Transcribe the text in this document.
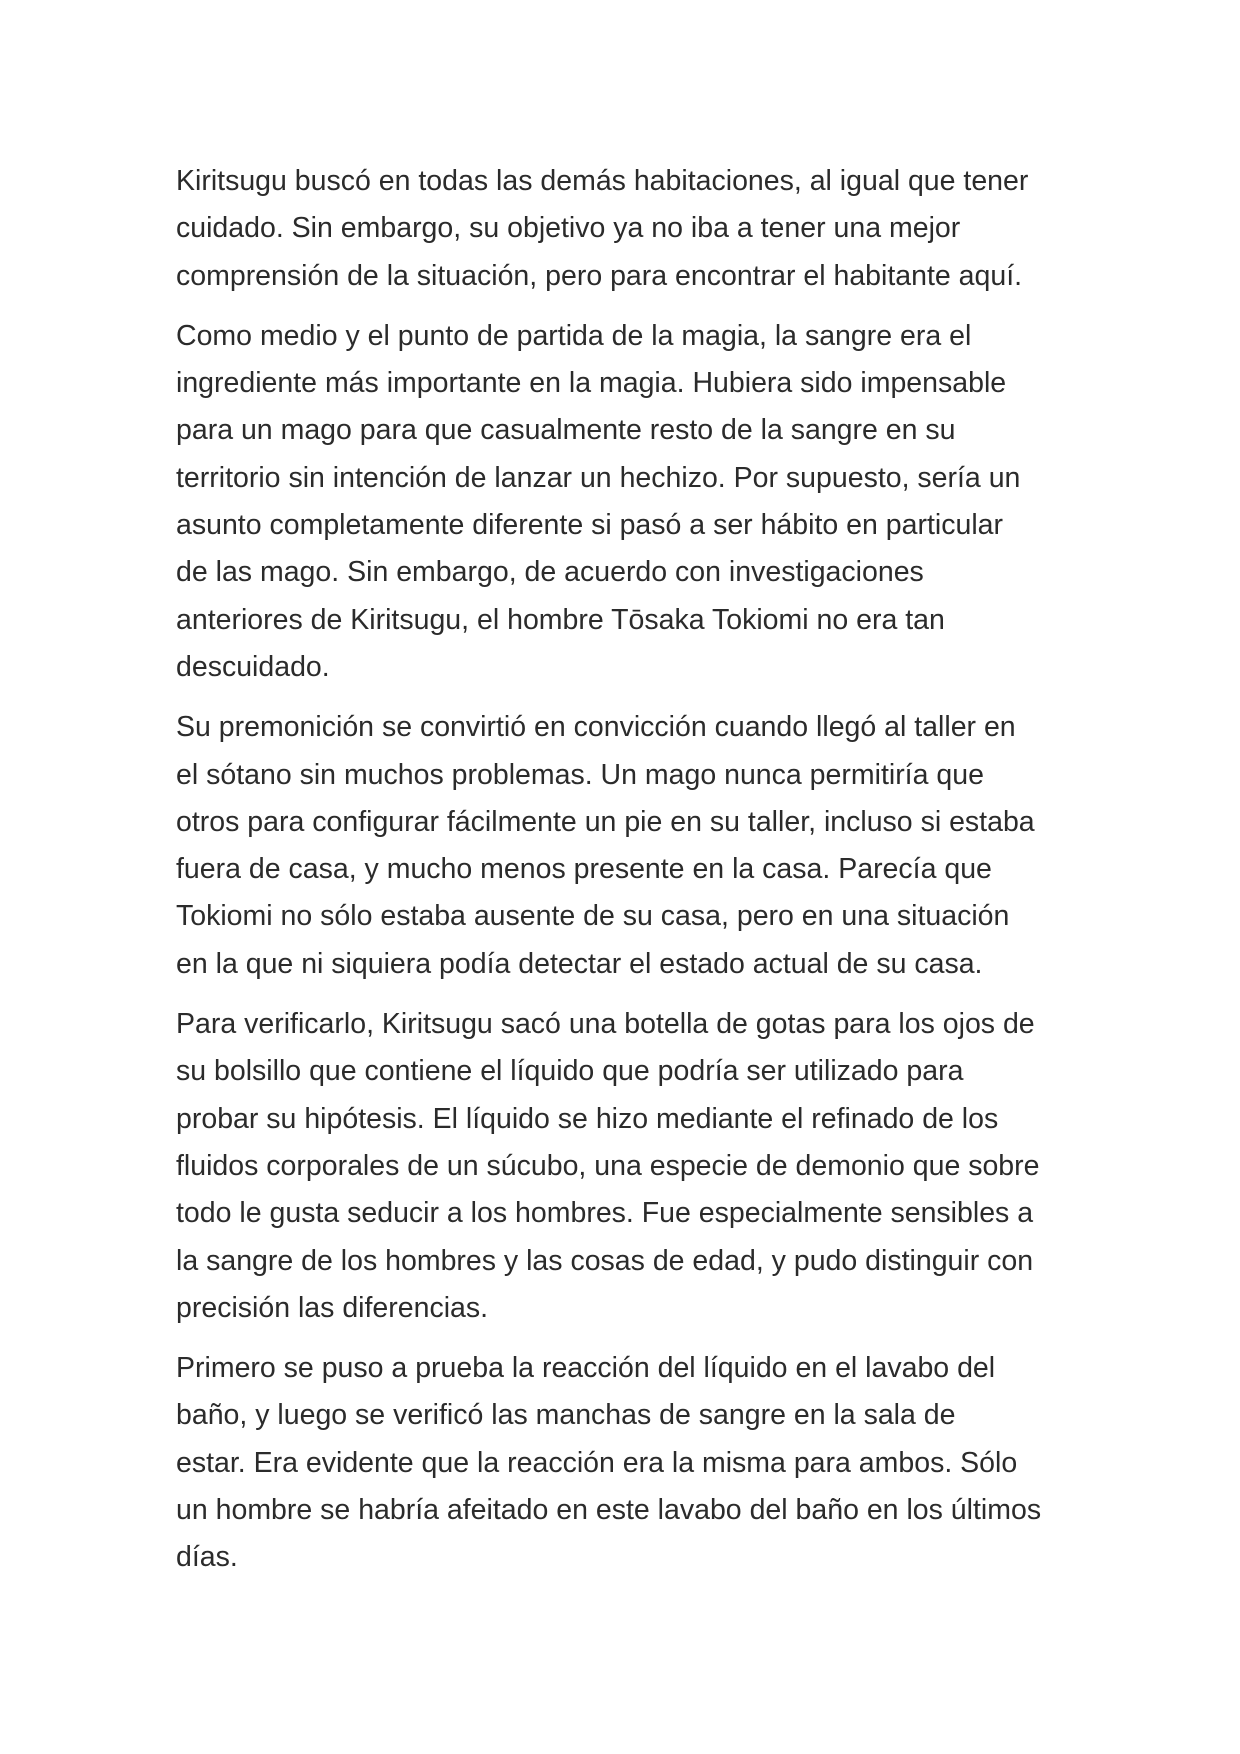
Kiritsugu buscó en todas las demás habitaciones, al igual que tener
cuidado. Sin embargo, su objetivo ya no iba a tener una mejor
comprensión de la situación, pero para encontrar el habitante aquí.
Como medio y el punto de partida de la magia, la sangre era el
ingrediente más importante en la magia. Hubiera sido impensable
para un mago para que casualmente resto de la sangre en su
territorio sin intención de lanzar un hechizo. Por supuesto, sería un
asunto completamente diferente si pasó a ser hábito en particular
de las mago. Sin embargo, de acuerdo con investigaciones
anteriores de Kiritsugu, el hombre Tōsaka Tokiomi no era tan
descuidado.
Su premonición se convirtió en convicción cuando llegó al taller en
el sótano sin muchos problemas. Un mago nunca permitiría que
otros para configurar fácilmente un pie en su taller, incluso si estaba
fuera de casa, y mucho menos presente en la casa. Parecía que
Tokiomi no sólo estaba ausente de su casa, pero en una situación
en la que ni siquiera podía detectar el estado actual de su casa.
Para verificarlo, Kiritsugu sacó una botella de gotas para los ojos de
su bolsillo que contiene el líquido que podría ser utilizado para
probar su hipótesis. El líquido se hizo mediante el refinado de los
fluidos corporales de un súcubo, una especie de demonio que sobre
todo le gusta seducir a los hombres. Fue especialmente sensibles a
la sangre de los hombres y las cosas de edad, y pudo distinguir con
precisión las diferencias.
Primero se puso a prueba la reacción del líquido en el lavabo del
baño, y luego se verificó las manchas de sangre en la sala de
estar. Era evidente que la reacción era la misma para ambos. Sólo
un hombre se habría afeitado en este lavabo del baño en los últimos
días.
